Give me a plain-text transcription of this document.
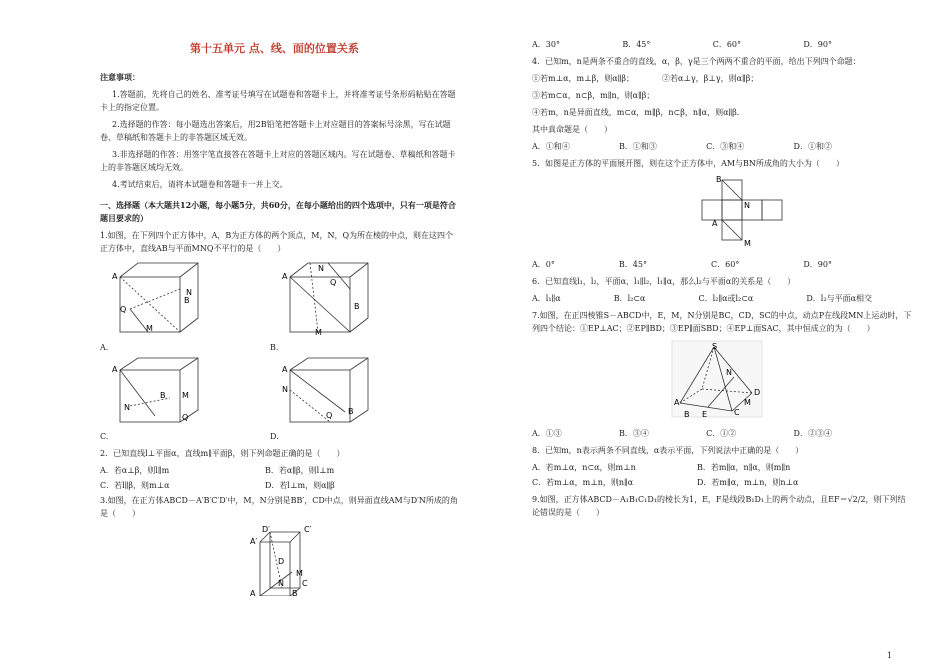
第十五单元 点、线、面的位置关系
注意事项：
1.答题前，先将自己的姓名、准考证号填写在试题卷和答题卡上，并将准考证号条形码粘贴在答题卡上的指定位置。
2.选择题的作答：每小题选出答案后，用2B铅笔把答题卡上对应题目的答案标号涂黑，写在试题卷、草稿纸和答题卡上的非答题区域无效。
3.非选择题的作答：用签字笔直接答在答题卡上对应的答题区域内。写在试题卷、草稿纸和答题卡上的非答题区域均无效。
4.考试结束后，请将本试题卷和答题卡一并上交。
一、选择题（本大题共12小题，每小题5分，共60分，在每小题给出的四个选项中，只有一项是符合题目要求的）
1.如图，在下列四个正方体中，A，B为正方体的两个顶点，M，N，Q为所在棱的中点，则在这四个正方体中，直线AB与平面MNQ不平行的是（　　）
A
B
Q
M
N
A.
A
B
N
Q
M
B.
A
B
N
M
Q
C.
A
N
B
Q
D.
2．已知直线l⊥平面α，直线m∥平面β，则下列命题正确的是（　　）
A．若α⊥β，则l∥m	B．若α∥β，则l⊥m
C．若l∥β，则m⊥α	D．若l⊥m，则α∥β
3.如图，在正方体ABCD－A′B′C′D′中，M，N分别是BB′，CD中点，则异面直线AM与D′N所成的角是（　　）
D′	C′
A′
D
N C
A
M
B
A．30°	B．45°	C．60°	D．90°
4．已知m，n是两条不重合的直线，α，β，γ是三个两两不重合的平面，给出下列四个命题：
①若m⊥α，m⊥β，则α∥β；　　　　②若α⊥γ，β⊥γ，则α∥β；
③若m⊂α，n⊂β，m∥n，则α∥β；
④若m，n是异面直线，m⊂α，m∥β，n⊂β，n∥α，则α∥β．
其中真命题是（　　）
A．①和④	B．①和③	C．③和④	D．①和②
5．如图是正方体的平面展开图，则在这个正方体中，AM与BN所成角的大小为（　　）
B
N
A
M
A．0°	B．45°	C．60°	D．90°
6．已知直线l₁，l₂，平面α，l₁∥l₂，l₁∥α，那么l₂与平面α的关系是（　　）
A．l₁∥α	B．l₂⊂α	C．l₂∥α或l₂⊂α	D．l₂与平面α相交
7.如图，在正四棱锥S－ABCD中，E，M，N分别是BC，CD，SC的中点，动点P在线段MN上运动时，下列四个结论：①EP⊥AC；②EP∥BD；③EP∥面SBD；④EP⊥面SAC，其中恒成立的为（　　）
S
N
D
M
C
A
E
B
A．①③	B．③④	C．①②	D．②③④
8．已知m，n表示两条不同直线，α表示平面，下列说法中正确的是（　　）
A．若m⊥α，n⊂α，则m⊥n	B．若m∥α，n∥α，则m∥n
C．若m⊥α，m⊥n，则n∥α	D．若m∥α，m⊥n，则n⊥α
9.如图，正方体ABCD－A₁B₁C₁D₁的棱长为1，E，F是线段B₁D₁上的两个动点，且EF＝√2/2，则下列结论错误的是（　　）
1
